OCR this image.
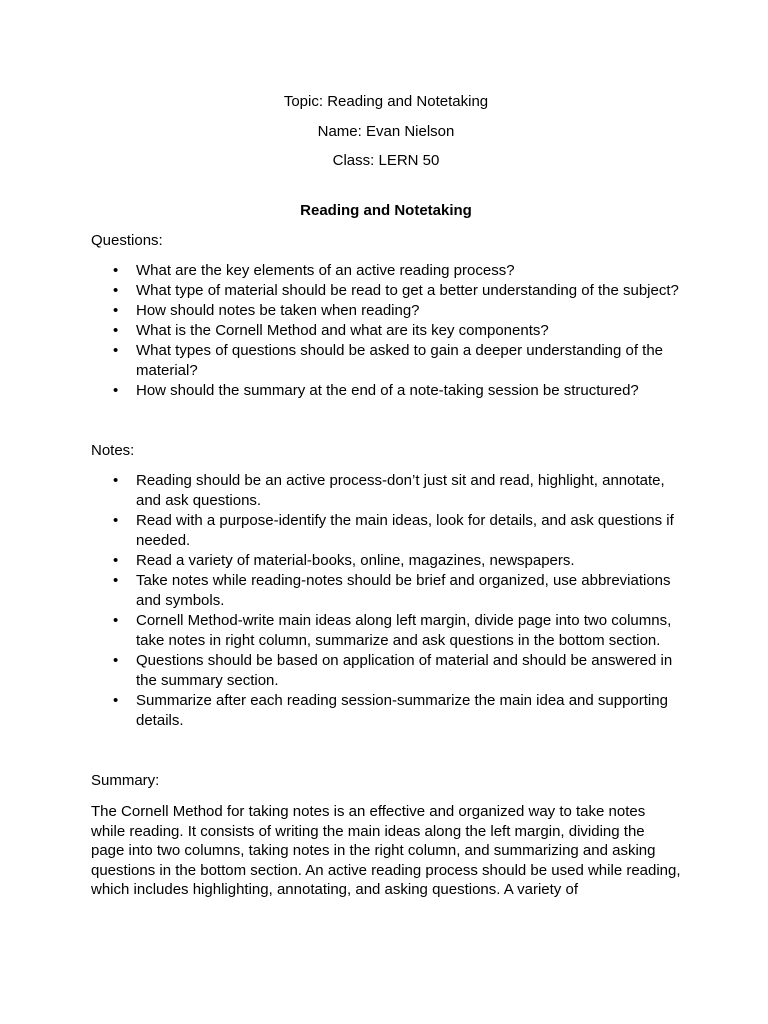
Topic: Reading and Notetaking

Name: Evan Nielson

Class: LERN 50

Reading and Notetaking

Questions:

• What are the key elements of an active reading process?
• What type of material should be read to get a better understanding of the subject?
• How should notes be taken when reading?
• What is the Cornell Method and what are its key components?
• What types of questions should be asked to gain a deeper understanding of the material?
• How should the summary at the end of a note-taking session be structured?

Notes:

• Reading should be an active process-don’t just sit and read, highlight, annotate, and ask questions.
• Read with a purpose-identify the main ideas, look for details, and ask questions if needed.
• Read a variety of material-books, online, magazines, newspapers.
• Take notes while reading-notes should be brief and organized, use abbreviations and symbols.
• Cornell Method-write main ideas along left margin, divide page into two columns, take notes in right column, summarize and ask questions in the bottom section.
• Questions should be based on application of material and should be answered in the summary section.
• Summarize after each reading session-summarize the main idea and supporting details.

Summary:

The Cornell Method for taking notes is an effective and organized way to take notes while reading. It consists of writing the main ideas along the left margin, dividing the page into two columns, taking notes in the right column, and summarizing and asking questions in the bottom section. An active reading process should be used while reading, which includes highlighting, annotating, and asking questions. A variety of
